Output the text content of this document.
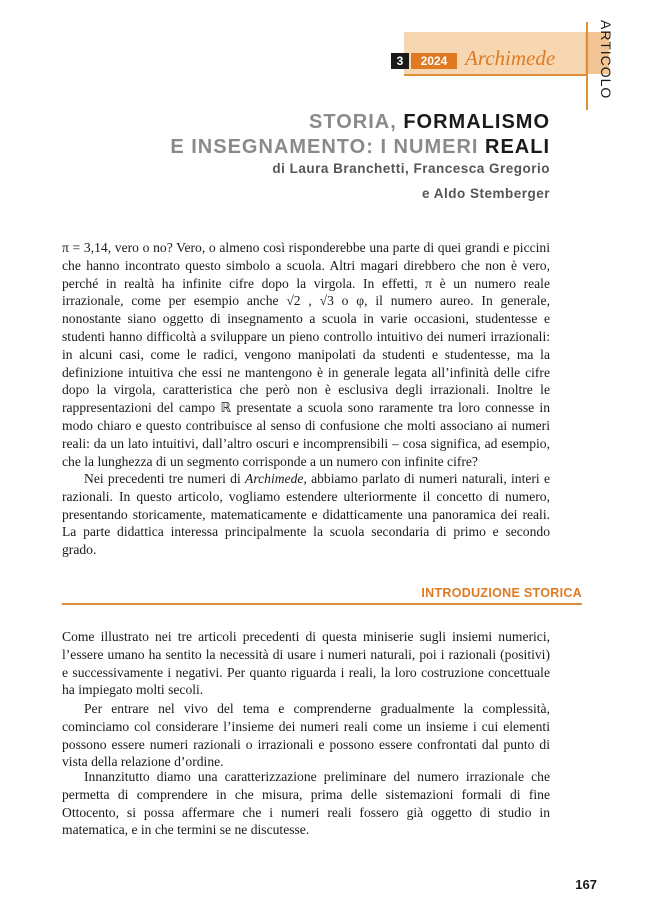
3	2024 Archimede	ARTICOLO
STORIA, FORMALISMO
E INSEGNAMENTO: I NUMERI REALI
di Laura Branchetti, Francesca Gregorio
e Aldo Stemberger

π = 3,14, vero o no? Vero, o almeno così risponderebbe una parte di quei grandi e piccini che hanno incontrato questo simbolo a scuola. Altri magari direbbero che non è vero, perché in realtà ha infinite cifre dopo la virgola. In effetti, π è un numero reale irrazionale, come per esempio anche √2 , √3 o φ, il numero aureo. In generale, nonostante siano oggetto di insegnamento a scuola in varie occasioni, studentesse e studenti hanno difficoltà a sviluppare un pieno controllo intuitivo dei numeri irrazionali: in alcuni casi, come le radici, vengono manipolati da studenti e studentesse, ma la definizione intuitiva che essi ne mantengono è in generale legata all’infinità delle cifre dopo la virgola, caratteristica che però non è esclusiva degli irrazionali. Inoltre le rappresentazioni del campo ℝ presentate a scuola sono raramente tra loro connesse in modo chiaro e questo contribuisce al senso di confusione che molti associano ai numeri reali: da un lato intuitivi, dall’altro oscuri e incomprensibili – cosa significa, ad esempio, che la lunghezza di un segmento corrisponde a un numero con infinite cifre?

Nei precedenti tre numeri di Archimede, abbiamo parlato di numeri naturali, interi e razionali. In questo articolo, vogliamo estendere ulteriormente il concetto di numero, presentando storicamente, matematicamente e didatticamente una panoramica dei reali. La parte didattica interessa principalmente la scuola secondaria di primo e secondo grado.

INTRODUZIONE STORICA

Come illustrato nei tre articoli precedenti di questa miniserie sugli insiemi numerici, l’essere umano ha sentito la necessità di usare i numeri naturali, poi i razionali (positivi) e successivamente i negativi. Per quanto riguarda i reali, la loro costruzione concettuale ha impiegato molti secoli.

Per entrare nel vivo del tema e comprenderne gradualmente la complessità, cominciamo col considerare l’insieme dei numeri reali come un insieme i cui elementi possono essere numeri razionali o irrazionali e possono essere confrontati dal punto di vista della relazione d’ordine.

Innanzitutto diamo una caratterizzazione preliminare del numero irrazionale che permetta di comprendere in che misura, prima delle sistemazioni formali di fine Ottocento, si possa affermare che i numeri reali fossero già oggetto di studio in matematica, e in che termini se ne discutesse.

167
